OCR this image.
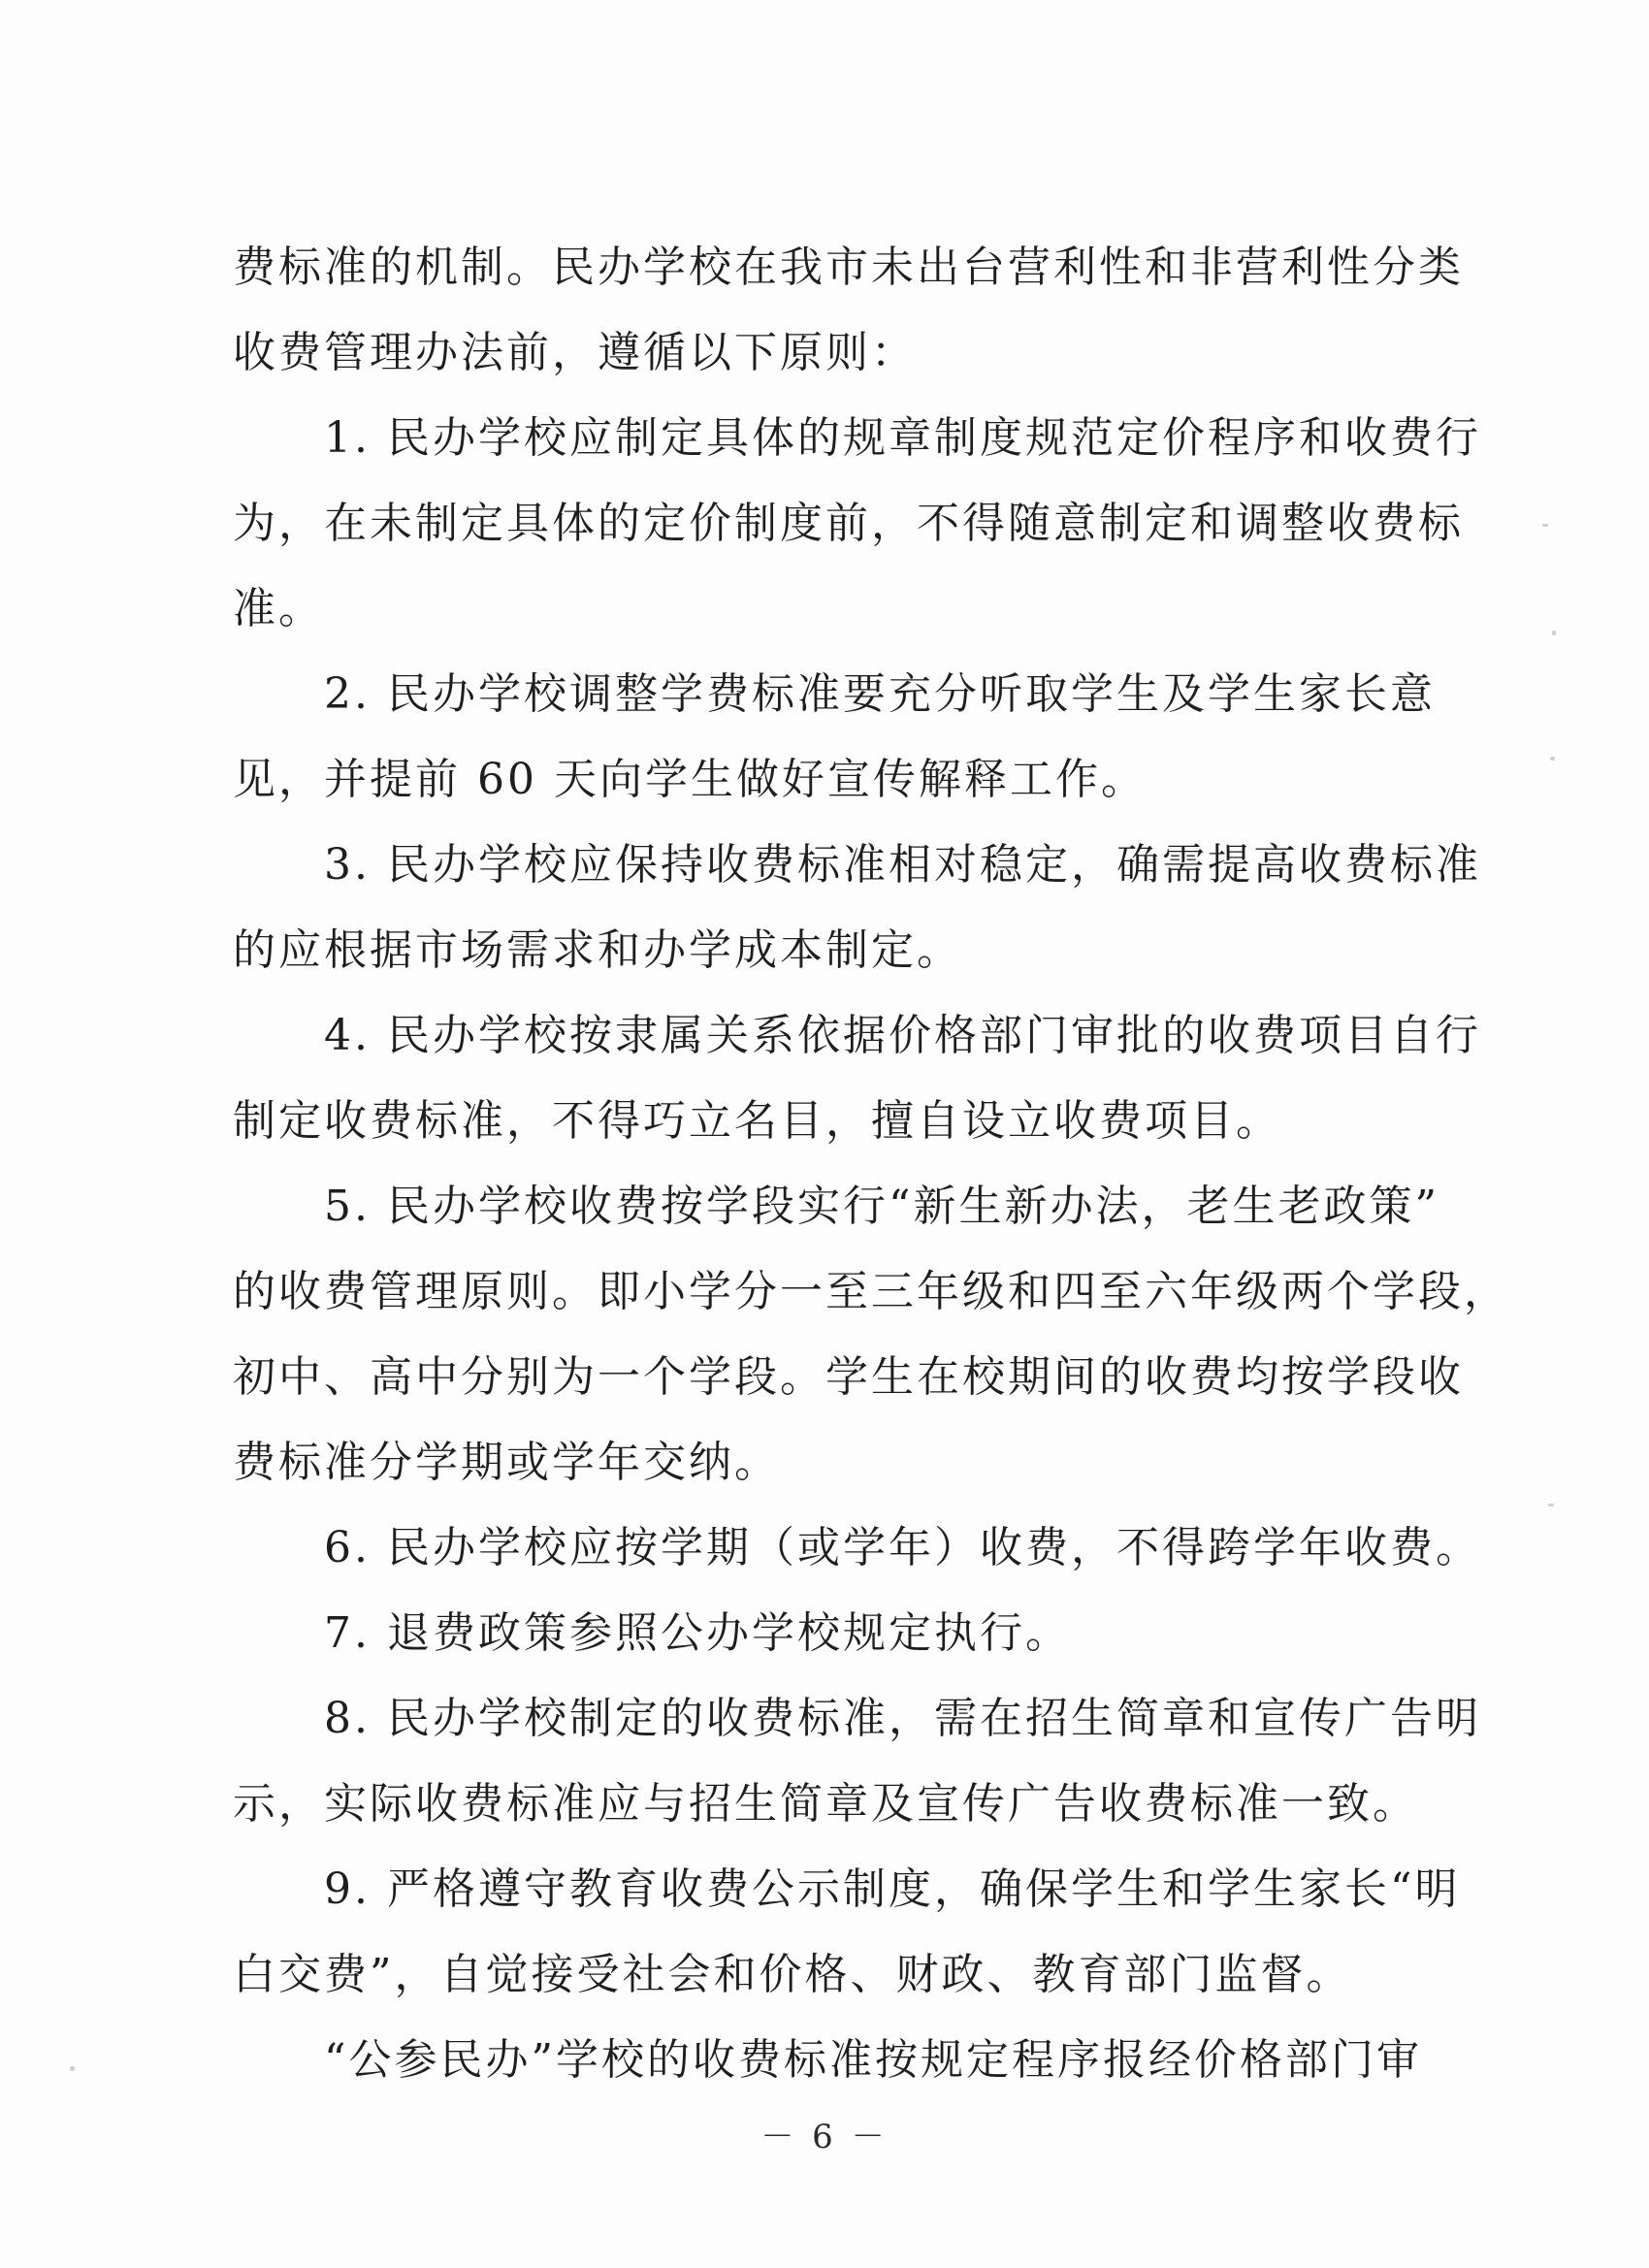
费标准的机制。民办学校在我市未出台营利性和非营利性分类
收费管理办法前，遵循以下原则：
1. 民办学校应制定具体的规章制度规范定价程序和收费行
为，在未制定具体的定价制度前，不得随意制定和调整收费标
准。
2. 民办学校调整学费标准要充分听取学生及学生家长意
见，并提前 60 天向学生做好宣传解释工作。
3. 民办学校应保持收费标准相对稳定，确需提高收费标准
的应根据市场需求和办学成本制定。
4. 民办学校按隶属关系依据价格部门审批的收费项目自行
制定收费标准，不得巧立名目，擅自设立收费项目。
5. 民办学校收费按学段实行“新生新办法，老生老政策”
的收费管理原则。即小学分一至三年级和四至六年级两个学段，
初中、高中分别为一个学段。学生在校期间的收费均按学段收
费标准分学期或学年交纳。
6. 民办学校应按学期（或学年）收费，不得跨学年收费。
7. 退费政策参照公办学校规定执行。
8. 民办学校制定的收费标准，需在招生简章和宣传广告明
示，实际收费标准应与招生简章及宣传广告收费标准一致。
9. 严格遵守教育收费公示制度，确保学生和学生家长“明
白交费”，自觉接受社会和价格、财政、教育部门监督。
“公参民办”学校的收费标准按规定程序报经价格部门审
－ 6 －
